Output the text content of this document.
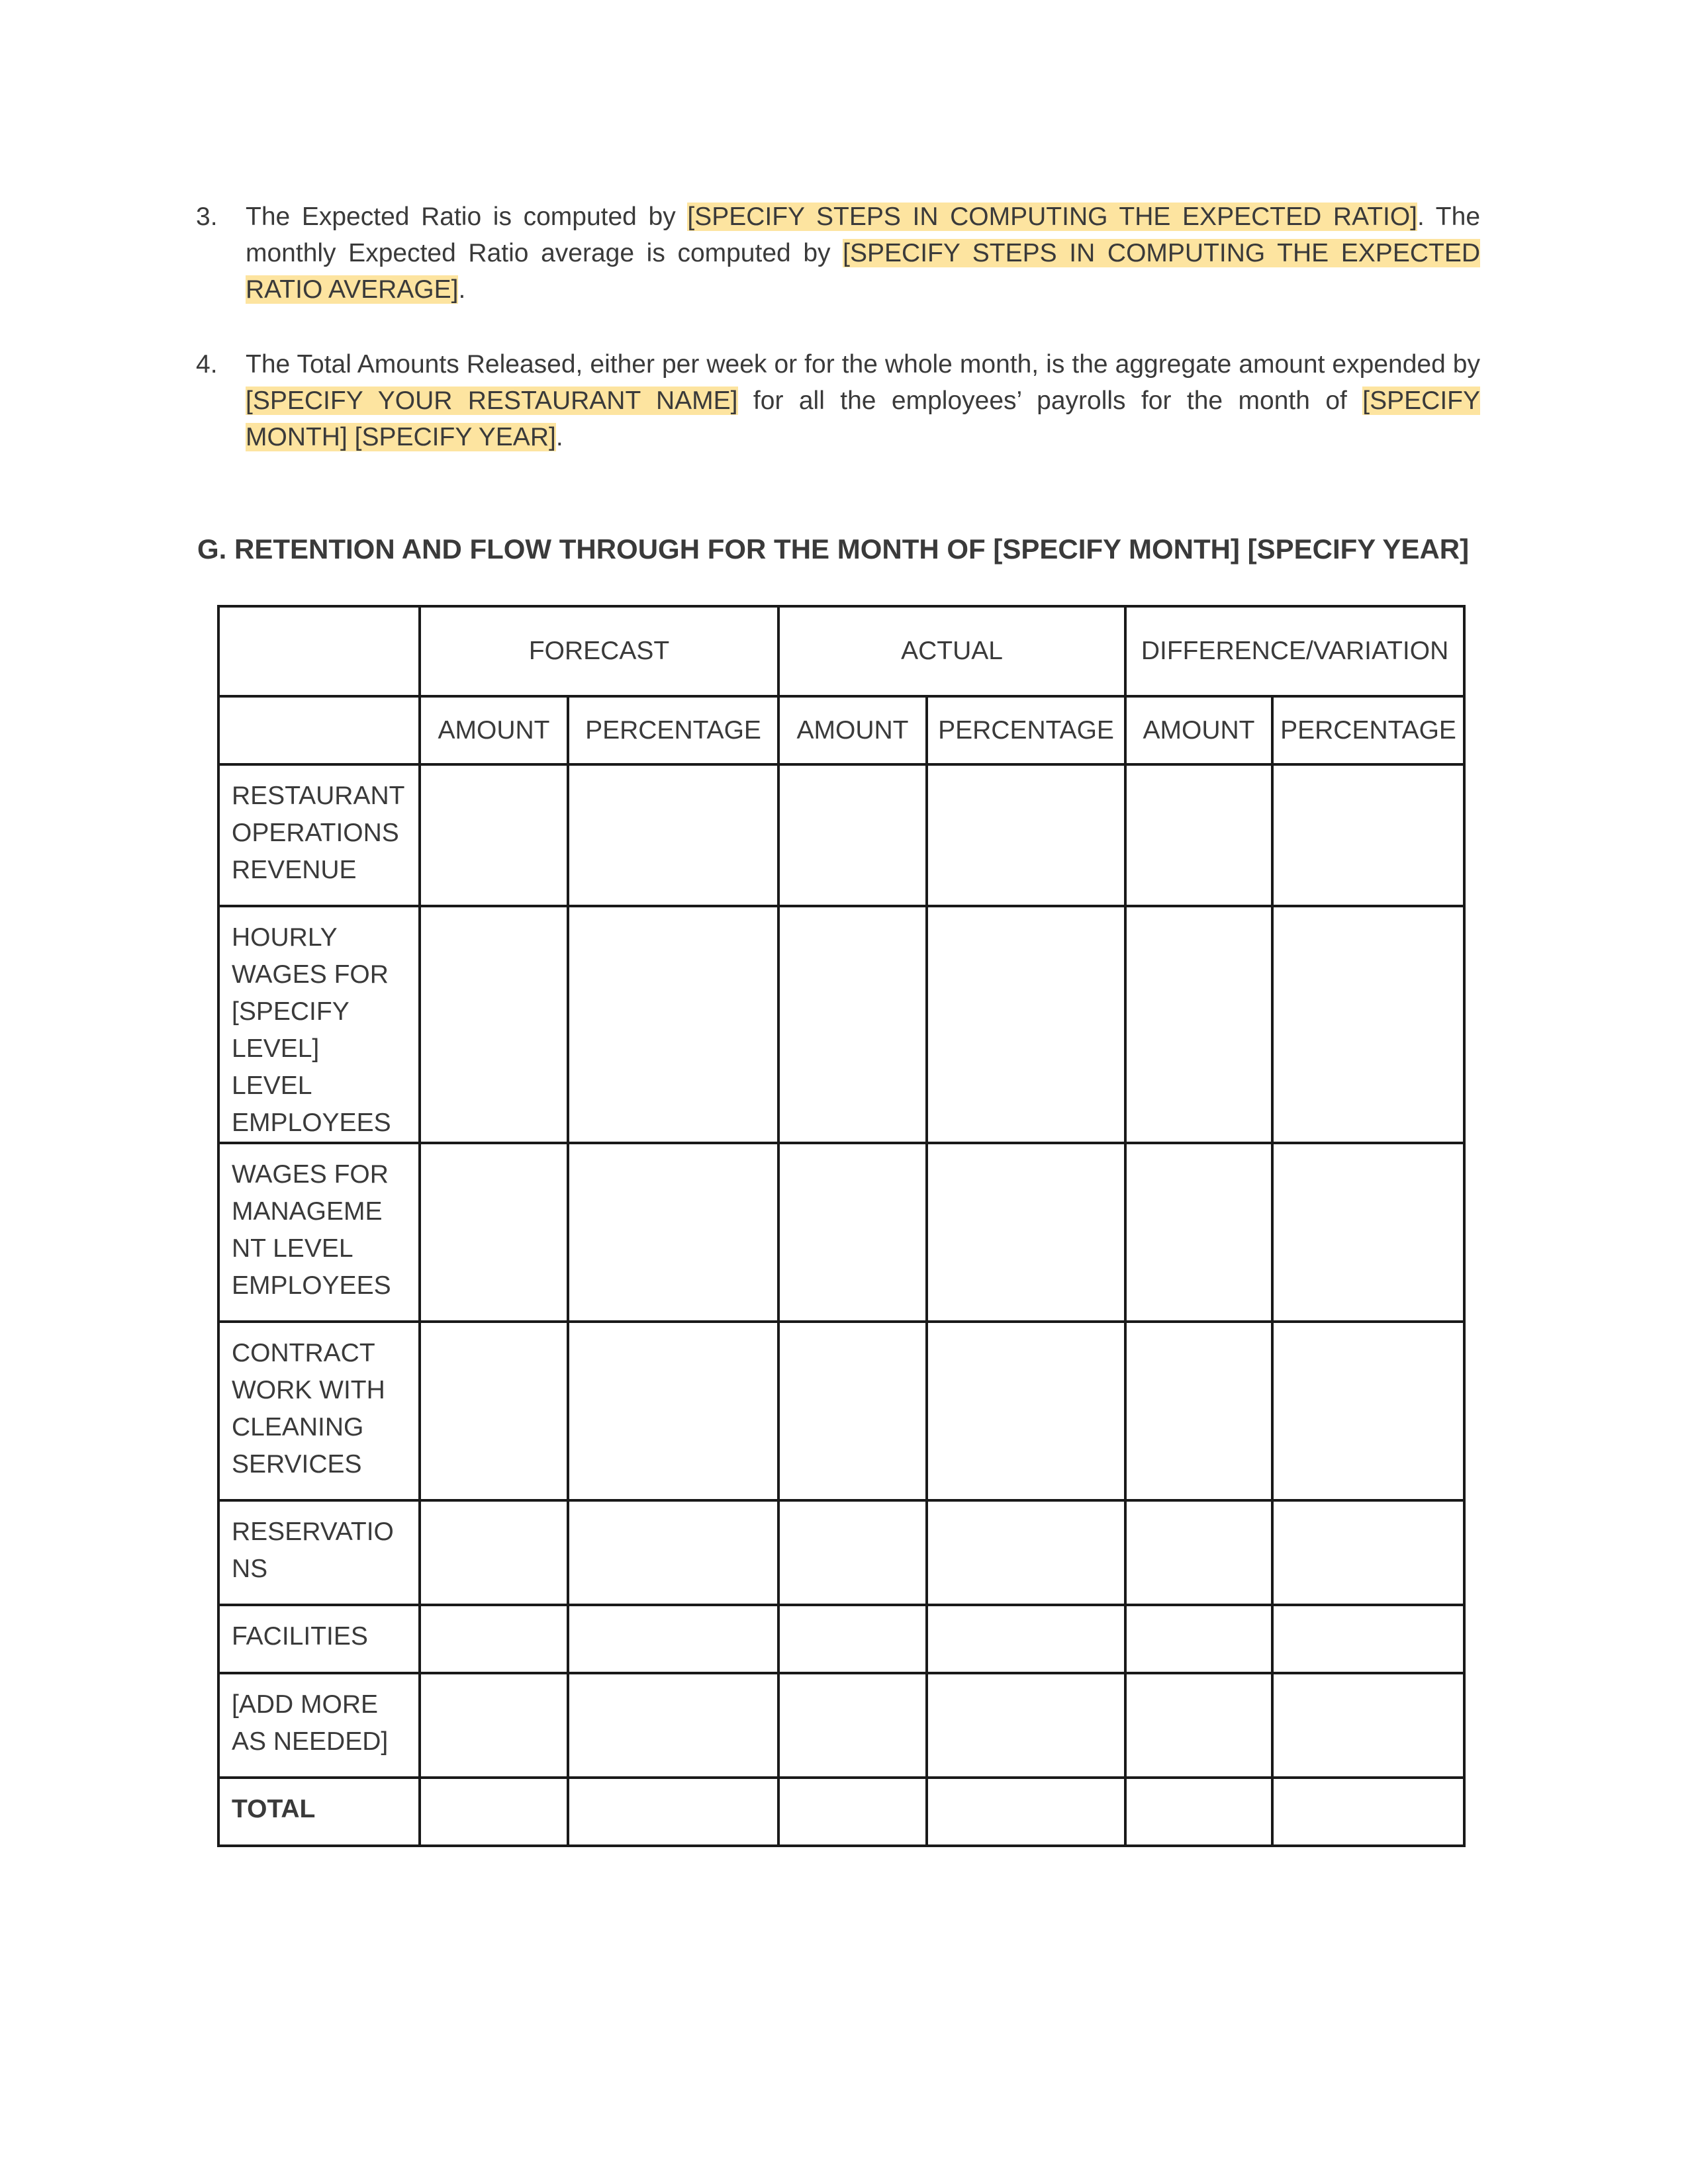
3.	The Expected Ratio is computed by [SPECIFY STEPS IN COMPUTING THE EXPECTED RATIO]. The monthly Expected Ratio average is computed by [SPECIFY STEPS IN COMPUTING THE EXPECTED RATIO AVERAGE].
4.	The Total Amounts Released, either per week or for the whole month, is the aggregate amount expended by [SPECIFY YOUR RESTAURANT NAME] for all the employees’ payrolls for the month of [SPECIFY MONTH] [SPECIFY YEAR].
G. RETENTION AND FLOW THROUGH FOR THE MONTH OF [SPECIFY MONTH] [SPECIFY YEAR]
	FORECAST		ACTUAL		DIFFERENCE/VARIATION	
	AMOUNT	PERCENTAGE	AMOUNT	PERCENTAGE	AMOUNT	PERCENTAGE
RESTAURANT OPERATIONS REVENUE						
HOURLY WAGES FOR [SPECIFY LEVEL] LEVEL EMPLOYEES						
WAGES FOR MANAGEME NT LEVEL EMPLOYEES						
CONTRACT WORK WITH CLEANING SERVICES						
RESERVATIO NS						
FACILITIES						
[ADD MORE AS NEEDED]						
TOTAL						
